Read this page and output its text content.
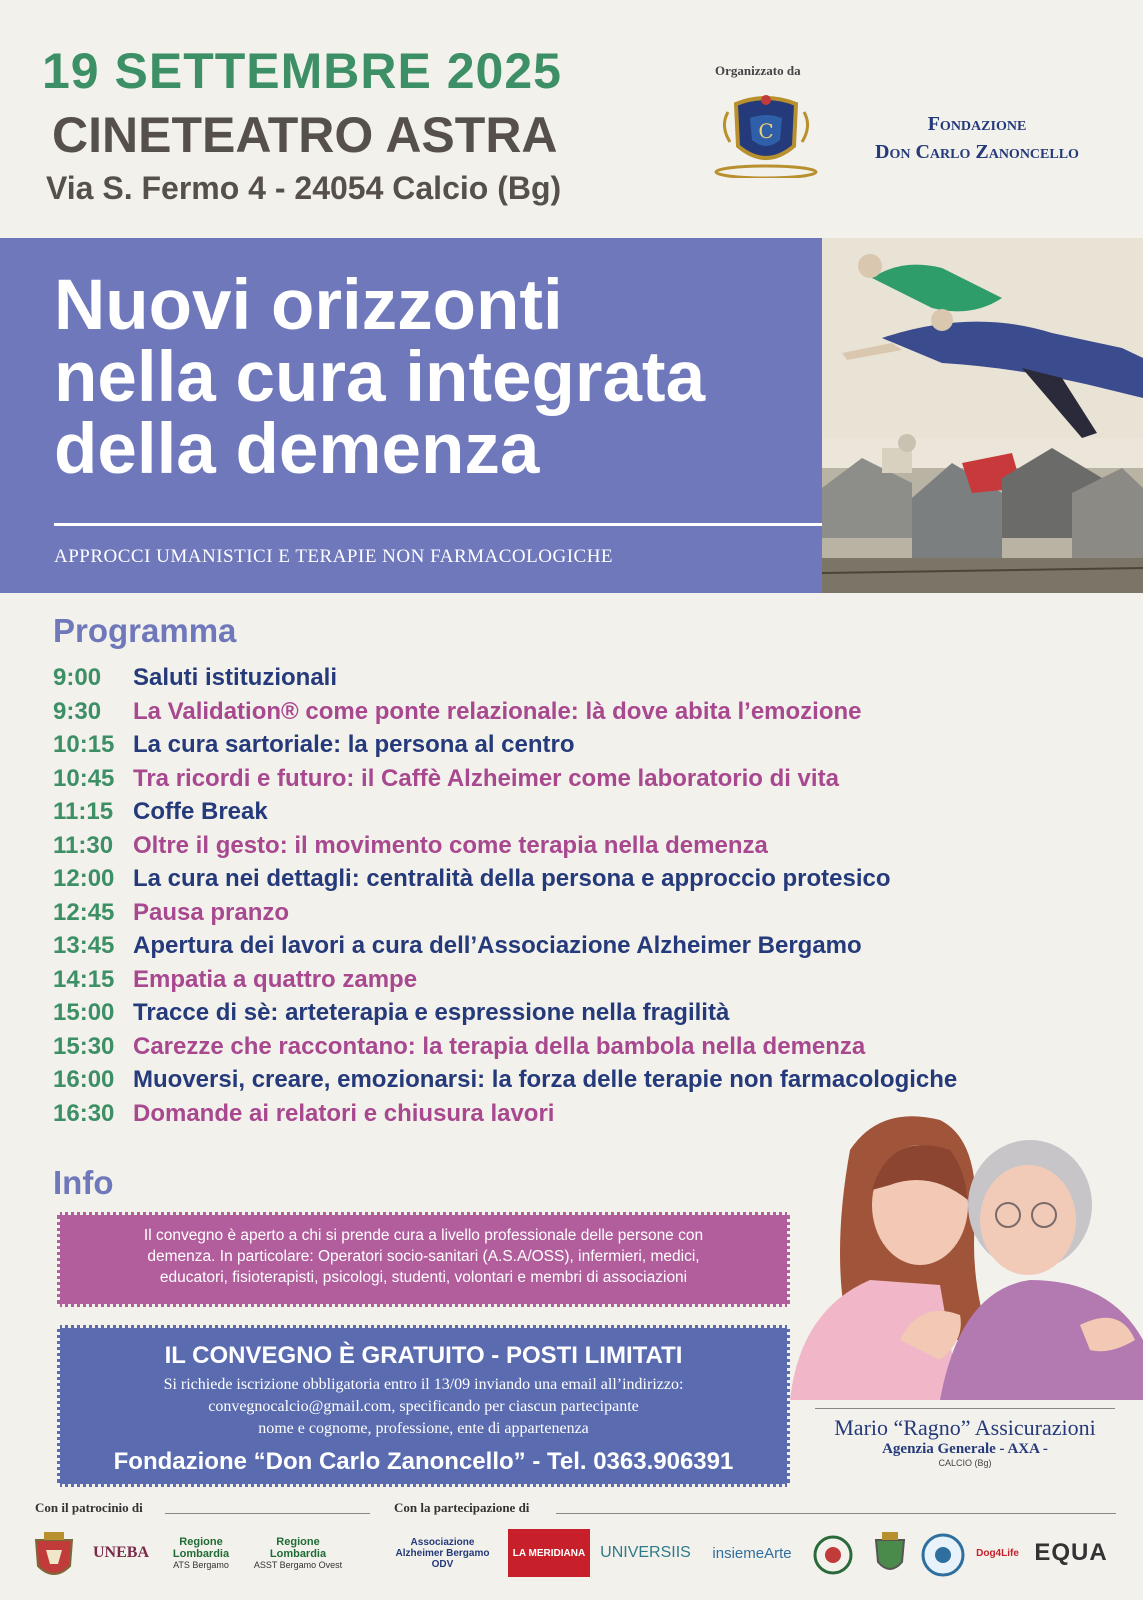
19 SETTEMBRE 2025
CINETEATRO ASTRA
Via S. Fermo 4 - 24054 Calcio (Bg)
Organizzato da
C	Fondazione
Don Carlo Zanoncello
Nuovi orizzonti
nella cura integrata
della demenza
APPROCCI UMANISTICI E TERAPIE NON FARMACOLOGICHE
Programma
9:00	Saluti istituzionali
9:30	La Validation® come ponte relazionale: là dove abita l’emozione
10:15 La cura sartoriale: la persona al centro
10:45 Tra ricordi e futuro: il Caffè Alzheimer come laboratorio di vita
11:15 Coffe Break
11:30 Oltre il gesto: il movimento come terapia nella demenza
12:00 La cura nei dettagli: centralità della persona e approccio protesico
12:45 Pausa pranzo
13:45 Apertura dei lavori a cura dell’Associazione Alzheimer Bergamo
14:15 Empatia a quattro zampe
15:00 Tracce di sè: arteterapia e espressione nella fragilità
15:30 Carezze che raccontano: la terapia della bambola nella demenza
16:00 Muoversi, creare, emozionarsi: la forza delle terapie non farmacologiche
16:30 Domande ai relatori e chiusura lavori
Info
Il convegno è aperto a chi si prende cura a livello professionale delle persone con
demenza. In particolare: Operatori socio-sanitari (A.S.A/OSS), infermieri, medici,
educatori, fisioterapisti, psicologi, studenti, volontari e membri di associazioni
IL CONVEGNO È GRATUITO - POSTI LIMITATI
Si richiede iscrizione obbligatoria entro il 13/09 inviando una email all’indirizzo:
convegnocalcio@gmail.com, specificando per ciascun partecipante
nome e cognome, professione, ente di appartenenza
Fondazione “Don Carlo Zanoncello” - Tel. 0363.906391
Mario “Ragno” Assicurazioni
Agenzia Generale - AXA -
CALCIO (Bg)
Con il patrocinio di	Con la partecipazione di
UNEBA
Regione Lombardia
ATS Bergamo
Regione Lombardia
ASST Bergamo Ovest
Associazione Alzheimer Bergamo ODV
LA MERIDIANA UNIVERSIIS insiemeArte	Dog4Life EQUA
